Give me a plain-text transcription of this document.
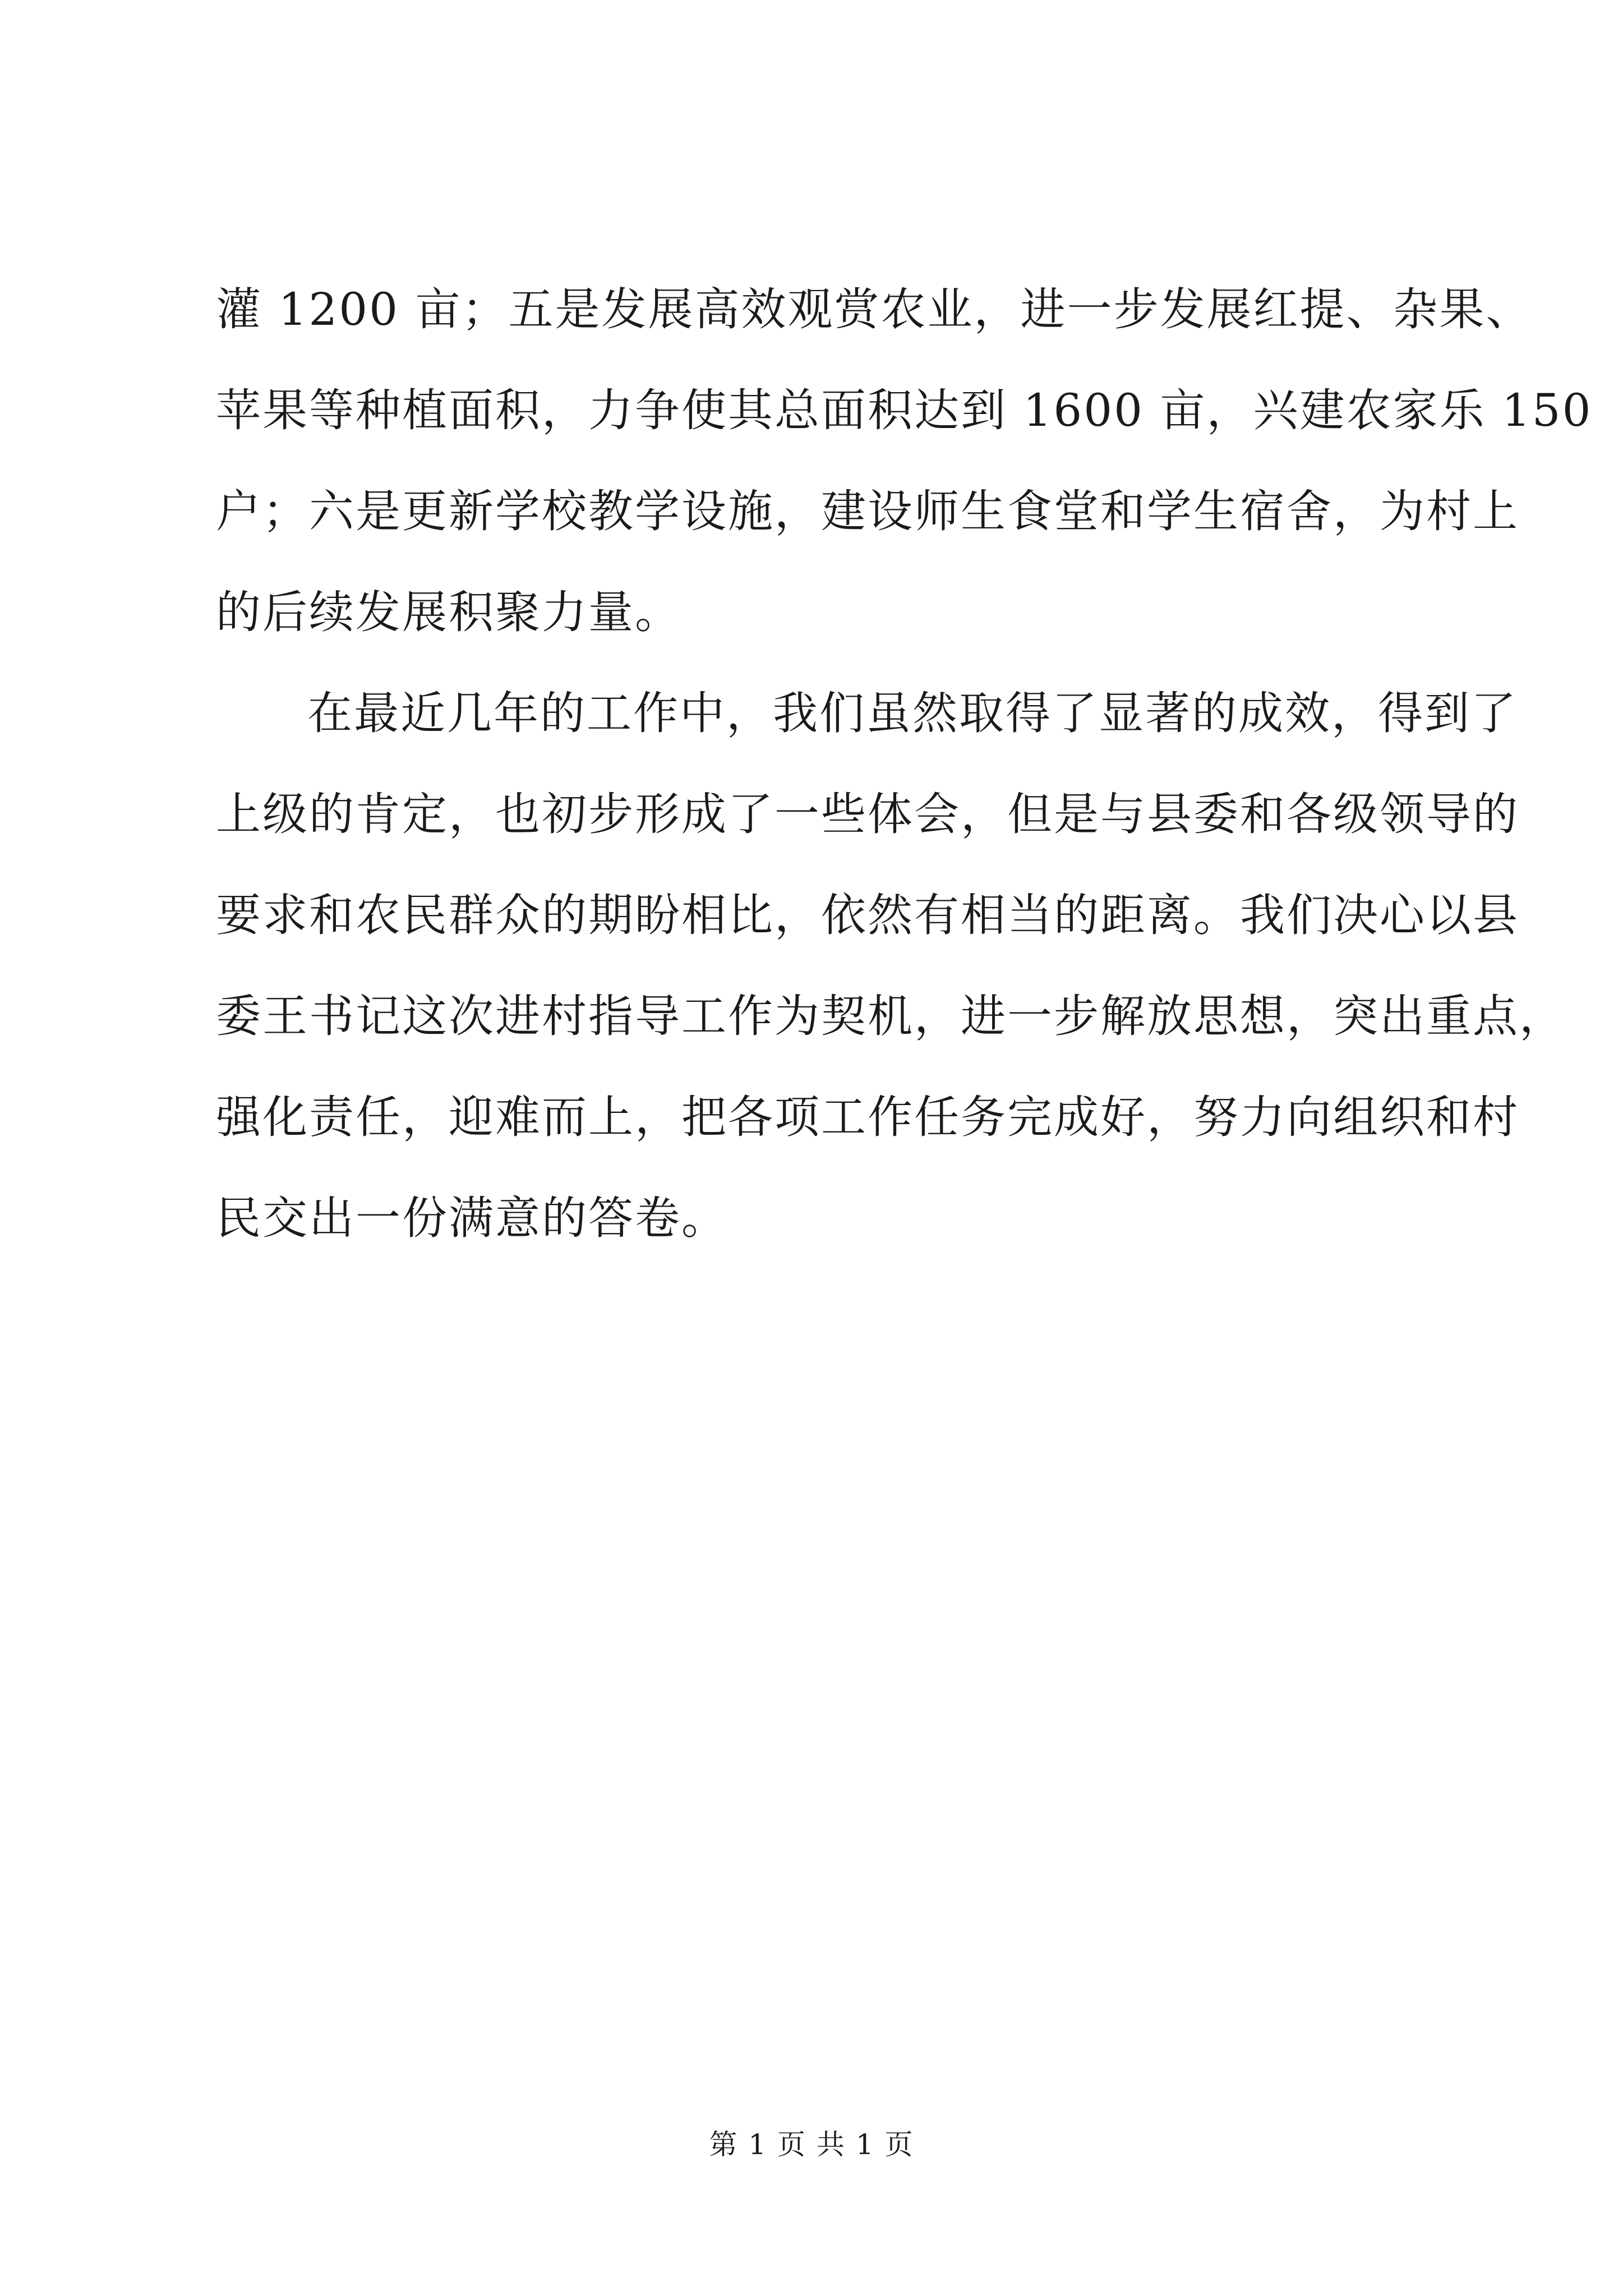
灌 1200 亩；五是发展高效观赏农业，进一步发展红提、杂果、
苹果等种植面积，力争使其总面积达到 1600 亩，兴建农家乐 150
户；六是更新学校教学设施，建设师生食堂和学生宿舍，为村上
的后续发展积聚力量。
在最近几年的工作中，我们虽然取得了显著的成效，得到了
上级的肯定，也初步形成了一些体会，但是与县委和各级领导的
要求和农民群众的期盼相比，依然有相当的距离。我们决心以县
委王书记这次进村指导工作为契机，进一步解放思想，突出重点，
强化责任，迎难而上，把各项工作任务完成好，努力向组织和村
民交出一份满意的答卷。
第 1 页 共 1 页
